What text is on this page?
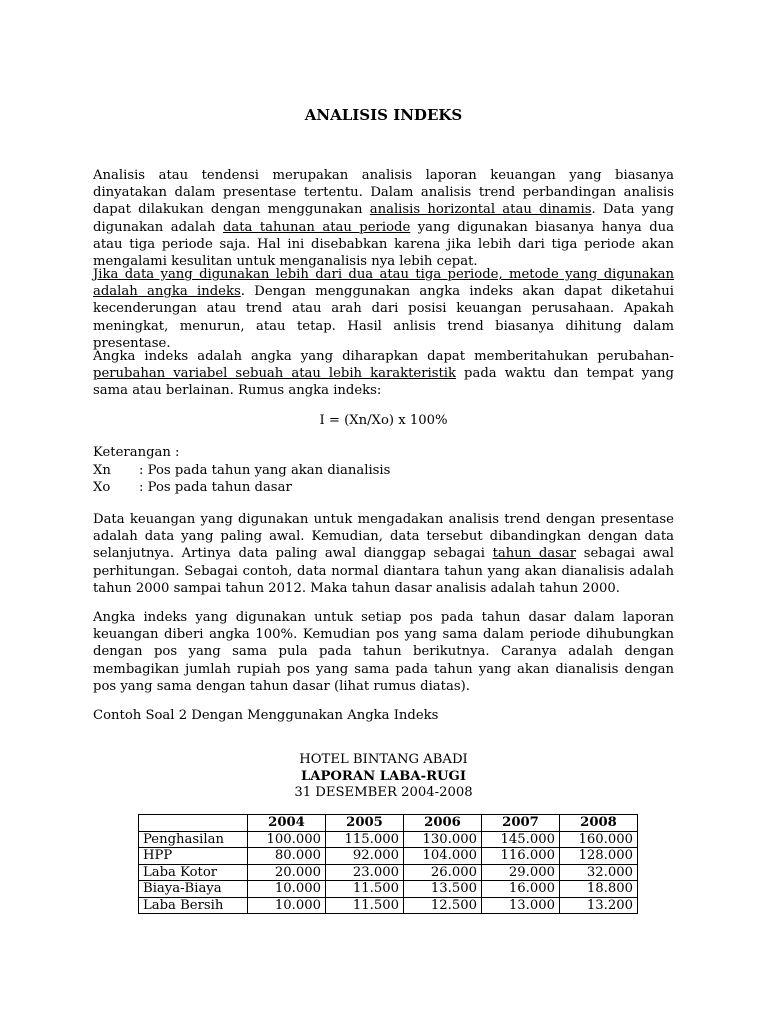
ANALISIS INDEKS

Analisis atau tendensi merupakan analisis laporan keuangan yang biasanya dinyatakan dalam presentase tertentu. Dalam analisis trend perbandingan analisis dapat dilakukan dengan menggunakan analisis horizontal atau dinamis. Data yang digunakan adalah data tahunan atau periode yang digunakan biasanya hanya dua atau tiga periode saja. Hal ini disebabkan karena jika lebih dari tiga periode akan mengalami kesulitan untuk menganalisis nya lebih cepat.

Jika data yang digunakan lebih dari dua atau tiga periode, metode yang digunakan adalah angka indeks. Dengan menggunakan angka indeks akan dapat diketahui kecenderungan atau trend atau arah dari posisi keuangan perusahaan. Apakah meningkat, menurun, atau tetap. Hasil anlisis trend biasanya dihitung dalam presentase.

Angka indeks adalah angka yang diharapkan dapat memberitahukan perubahan-perubahan variabel sebuah atau lebih karakteristik pada waktu dan tempat yang sama atau berlainan. Rumus angka indeks:

I = (Xn/Xo) x 100%
Keterangan :
Xn : Pos pada tahun yang akan dianalisis
Xo : Pos pada tahun dasar

Data keuangan yang digunakan untuk mengadakan analisis trend dengan presentase adalah data yang paling awal. Kemudian, data tersebut dibandingkan dengan data selanjutnya. Artinya data paling awal dianggap sebagai tahun dasar sebagai awal perhitungan. Sebagai contoh, data normal diantara tahun yang akan dianalisis adalah tahun 2000 sampai tahun 2012. Maka tahun dasar analisis adalah tahun 2000.

Angka indeks yang digunakan untuk setiap pos pada tahun dasar dalam laporan keuangan diberi angka 100%. Kemudian pos yang sama dalam periode dihubungkan dengan pos yang sama pula pada tahun berikutnya. Caranya adalah dengan membagikan jumlah rupiah pos yang sama pada tahun yang akan dianalisis dengan pos yang sama dengan tahun dasar (lihat rumus diatas).

Contoh Soal 2 Dengan Menggunakan Angka Indeks
HOTEL BINTANG ABADI
LAPORAN LABA-RUGI
31 DESEMBER 2004-2008
	2004	2005	2006	2007	2008
Penghasilan	100.000	115.000	130.000	145.000	160.000
HPP	80.000	92.000	104.000	116.000	128.000
Laba Kotor	20.000	23.000	26.000	29.000	32.000
Biaya-Biaya	10.000	11.500	13.500	16.000	18.800
Laba Bersih	10.000	11.500	12.500	13.000	13.200
